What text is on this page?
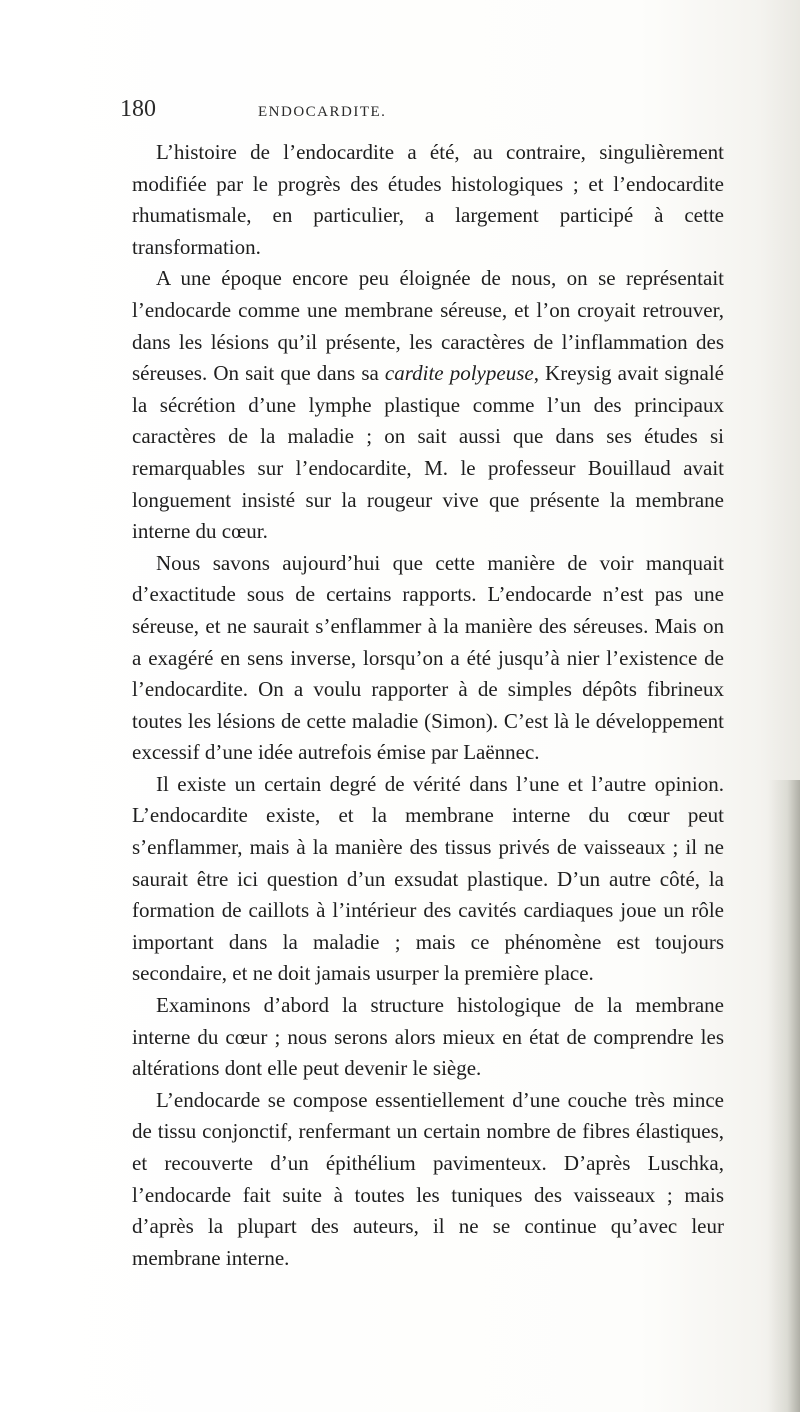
180	ENDOCARDITE.

L’histoire de l’endocardite a été, au contraire, singulièrement modifiée par le progrès des études histologiques ; et l’endocardite rhumatismale, en particulier, a largement participé à cette transformation.

A une époque encore peu éloignée de nous, on se représentait l’endocarde comme une membrane séreuse, et l’on croyait retrouver, dans les lésions qu’il présente, les caractères de l’inflammation des séreuses. On sait que dans sa cardite polypeuse, Kreysig avait signalé la sécrétion d’une lymphe plastique comme l’un des principaux caractères de la maladie ; on sait aussi que dans ses études si remarquables sur l’endocardite, M. le professeur Bouillaud avait longuement insisté sur la rougeur vive que présente la membrane interne du cœur.

Nous savons aujourd’hui que cette manière de voir manquait d’exactitude sous de certains rapports. L’endocarde n’est pas une séreuse, et ne saurait s’enflammer à la manière des séreuses. Mais on a exagéré en sens inverse, lorsqu’on a été jusqu’à nier l’existence de l’endocardite. On a voulu rapporter à de simples dépôts fibrineux toutes les lésions de cette maladie (Simon). C’est là le développement excessif d’une idée autrefois émise par Laënnec.

Il existe un certain degré de vérité dans l’une et l’autre opinion. L’endocardite existe, et la membrane interne du cœur peut s’enflammer, mais à la manière des tissus privés de vaisseaux ; il ne saurait être ici question d’un exsudat plastique. D’un autre côté, la formation de caillots à l’intérieur des cavités cardiaques joue un rôle important dans la maladie ; mais ce phénomène est toujours secondaire, et ne doit jamais usurper la première place.

Examinons d’abord la structure histologique de la membrane interne du cœur ; nous serons alors mieux en état de comprendre les altérations dont elle peut devenir le siège.

L’endocarde se compose essentiellement d’une couche très mince de tissu conjonctif, renfermant un certain nombre de fibres élastiques, et recouverte d’un épithélium pavimenteux. D’après Luschka, l’endocarde fait suite à toutes les tuniques des vaisseaux ; mais d’après la plupart des auteurs, il ne se continue qu’avec leur membrane interne.
